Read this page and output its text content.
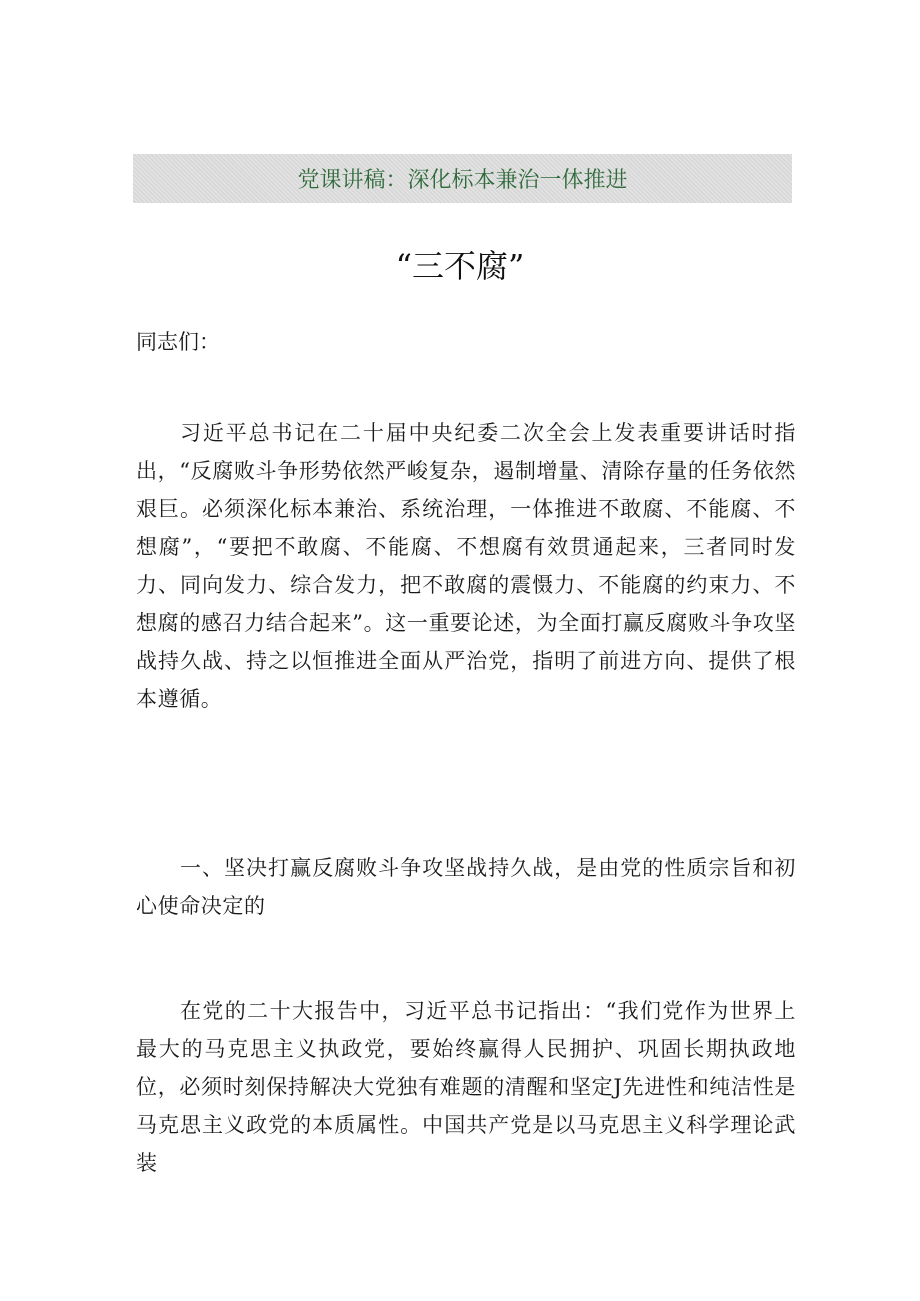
党课讲稿：深化标本兼治一体推进
“三不腐”
同志们：
习近平总书记在二十届中央纪委二次全会上发表重要讲话时指出，“反腐败斗争形势依然严峻复杂，遏制增量、清除存量的任务依然艰巨。必须深化标本兼治、系统治理，一体推进不敢腐、不能腐、不想腐”，“要把不敢腐、不能腐、不想腐有效贯通起来，三者同时发力、同向发力、综合发力，把不敢腐的震慑力、不能腐的约束力、不想腐的感召力结合起来”。这一重要论述，为全面打赢反腐败斗争攻坚战持久战、持之以恒推进全面从严治党，指明了前进方向、提供了根本遵循。
一、坚决打赢反腐败斗争攻坚战持久战，是由党的性质宗旨和初心使命决定的
在党的二十大报告中，习近平总书记指出：“我们党作为世界上最大的马克思主义执政党，要始终赢得人民拥护、巩固长期执政地位，必须时刻保持解决大党独有难题的清醒和坚定J先进性和纯洁性是马克思主义政党的本质属性。中国共产党是以马克思主义科学理论武装
